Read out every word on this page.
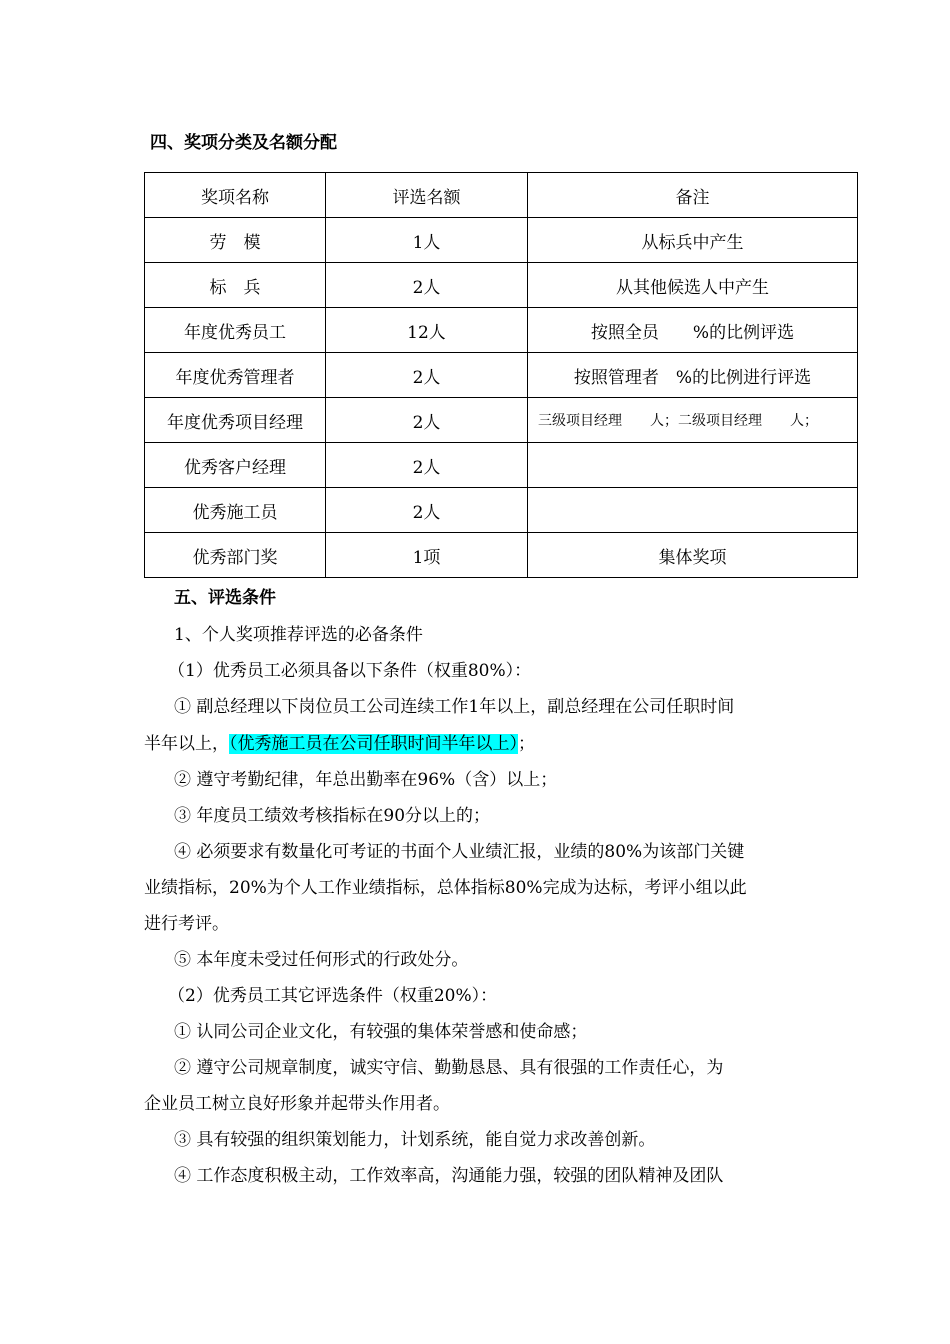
四、奖项分类及名额分配
奖项名称	评选名额	备注
劳　模	1人	从标兵中产生
标　兵	2人	从其他候选人中产生
年度优秀员工	12人	按照全员　　%的比例评选
年度优秀管理者	2人	按照管理者　%的比例进行评选
年度优秀项目经理	2人	三级项目经理　　人；二级项目经理　　人；
优秀客户经理	2人	
优秀施工员	2人	
优秀部门奖	1项	集体奖项
五、评选条件
1、个人奖项推荐评选的必备条件
（1）优秀员工必须具备以下条件（权重80%）：
① 副总经理以下岗位员工公司连续工作1年以上，副总经理在公司任职时间
半年以上，（优秀施工员在公司任职时间半年以上）；
② 遵守考勤纪律，年总出勤率在96%（含）以上；
③ 年度员工绩效考核指标在90分以上的；
④ 必须要求有数量化可考证的书面个人业绩汇报，业绩的80%为该部门关键
业绩指标，20%为个人工作业绩指标，总体指标80%完成为达标，考评小组以此
进行考评。
⑤ 本年度未受过任何形式的行政处分。
（2）优秀员工其它评选条件（权重20%）：
① 认同公司企业文化，有较强的集体荣誉感和使命感；
② 遵守公司规章制度，诚实守信、勤勤恳恳、具有很强的工作责任心，为
企业员工树立良好形象并起带头作用者。
③ 具有较强的组织策划能力，计划系统，能自觉力求改善创新。
④ 工作态度积极主动，工作效率高，沟通能力强，较强的团队精神及团队
